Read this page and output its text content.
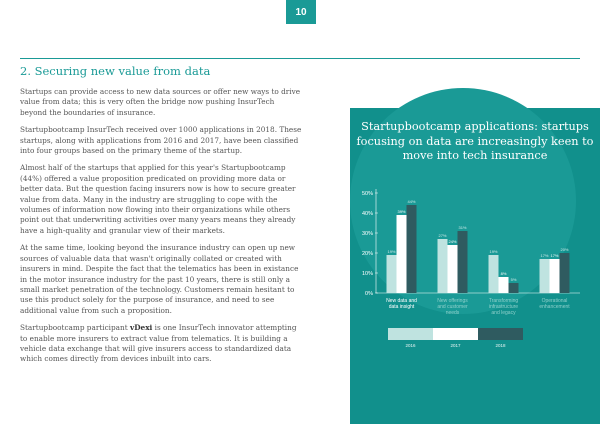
10
2. Securing new value from data

Startups can provide access to new data sources or offer new ways to drive value from data; this is very often the bridge now pushing InsurTech beyond the boundaries of insurance.

Startupbootcamp InsurTech received over 1000 applications in 2018. These startups, along with applications from 2016 and 2017, have been classified into four groups based on the primary theme of the startup.

Almost half of the startups that applied for this year's Startupbootcamp (44%) offered a value proposition predicated on providing more data or better data. But the question facing insurers now is how to secure greater value from data. Many in the industry are struggling to cope with the volumes of information now flowing into their organizations while others point out that underwriting activities over many years means they already have a high-quality and granular view of their markets.

At the same time, looking beyond the insurance industry can open up new sources of valuable data that wasn't originally collated or created with insurers in mind. Despite the fact that the telematics has been in existance in the motor insurance industry for the past 10 years, there is still only a small market penetration of the technology. Customers remain hesitant to use this product solely for the purpose of insurance, and need to see additional value from such a proposition.

Startupbootcamp participant vDexi is one InsurTech innovator attempting to enable more insurers to extract value from telematics. It is building a vehicle data exchange that will give insurers access to standardized data which comes directly from devices inbuilt into cars.

Startupbootcamp applications: startups focusing on data are increasingly keen to move into tech insurance
0%
10%
20%
30%
40%
50%
19%
39%
44%
New data and data insight
27%
24%
31%
New offerings and customer needs
19%
8%
5%
Transforming infrastructure and legacy
17% 17%
20%
Operational enhancement
2016	2017	2018
